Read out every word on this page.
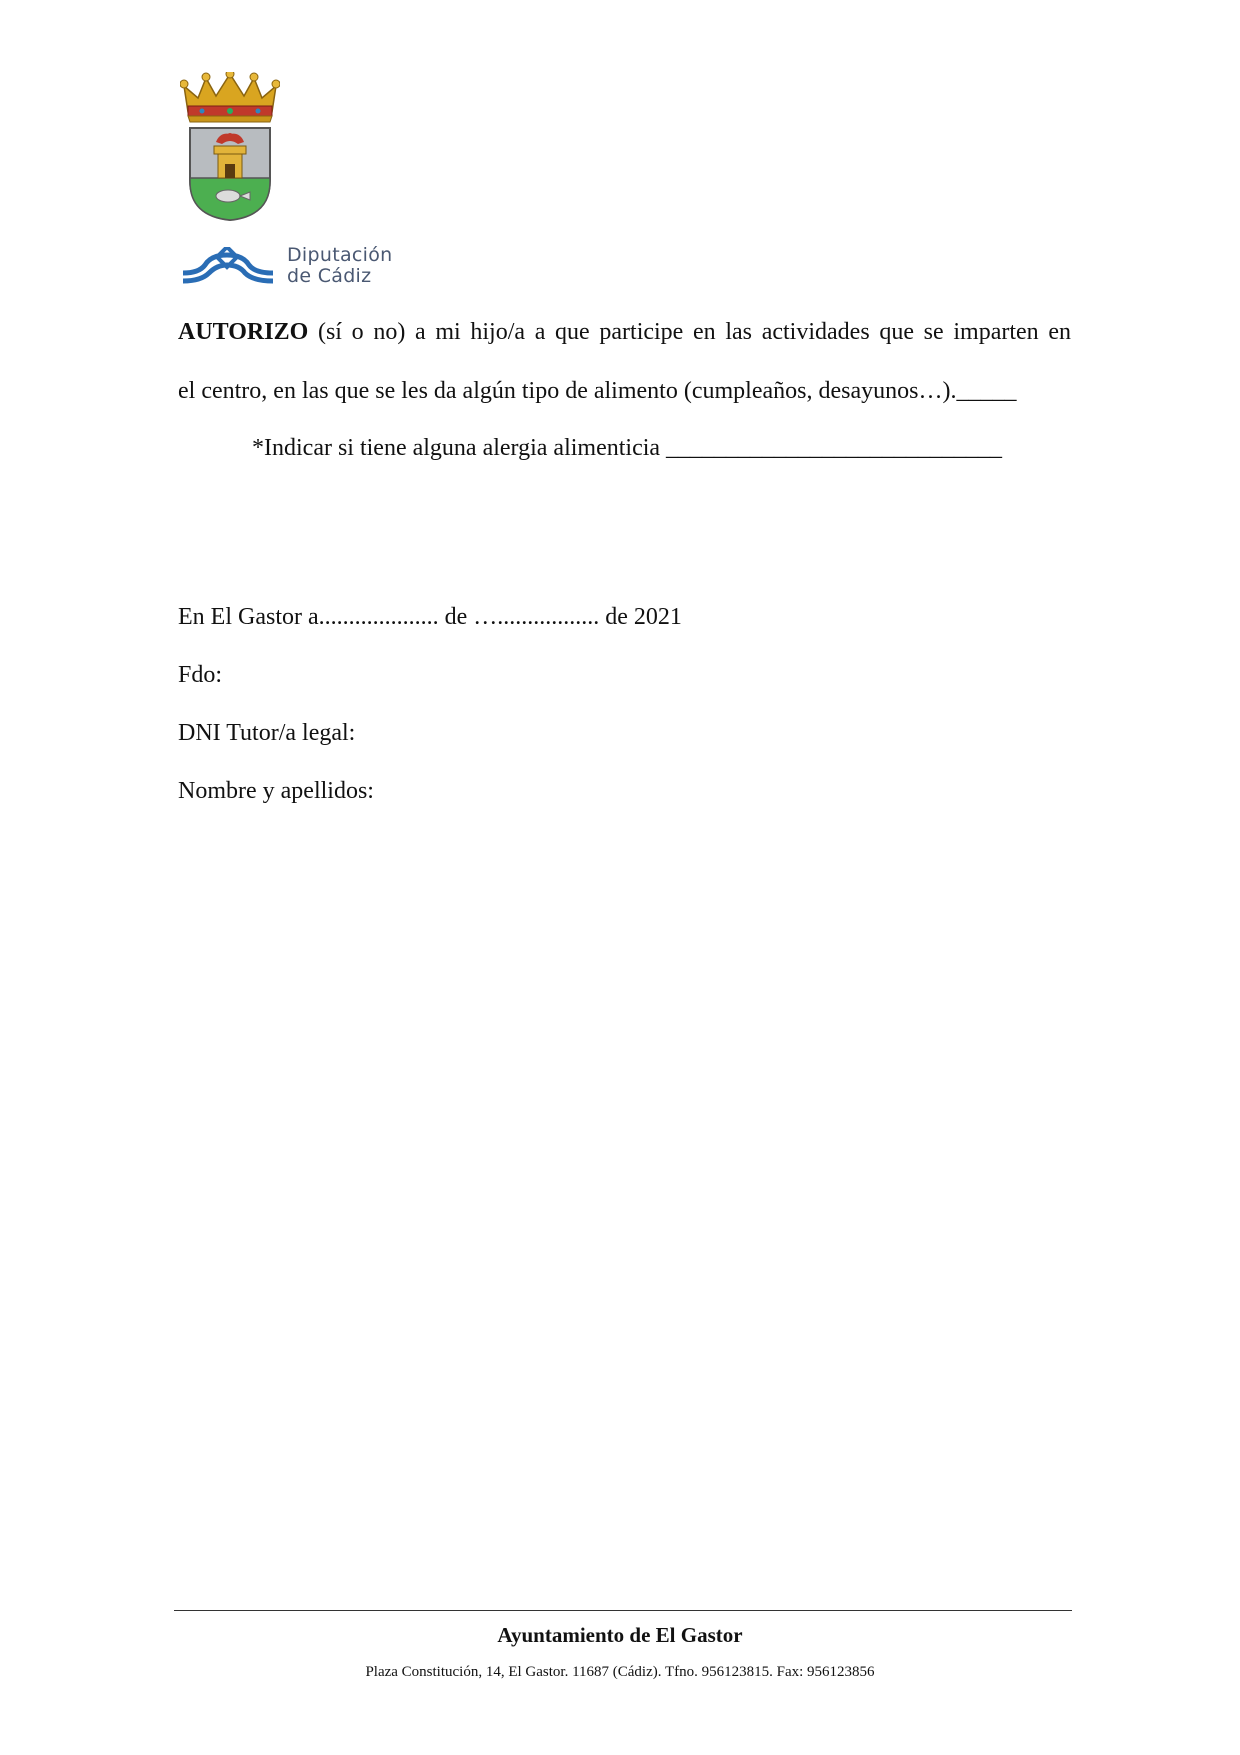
Diputación
de Cádiz
AUTORIZO (sí o no) a mi hijo/a a que participe en las actividades que se imparten en
el centro, en las que se les da algún tipo de alimento (cumpleaños, desayunos…)._____
*Indicar si tiene alguna alergia alimenticia ____________________________
En El Gastor a.................... de …................. de 2021
Fdo:
DNI Tutor/a legal:
Nombre y apellidos:
Ayuntamiento de El Gastor
Plaza Constitución, 14, El Gastor. 11687 (Cádiz). Tfno. 956123815. Fax: 956123856
